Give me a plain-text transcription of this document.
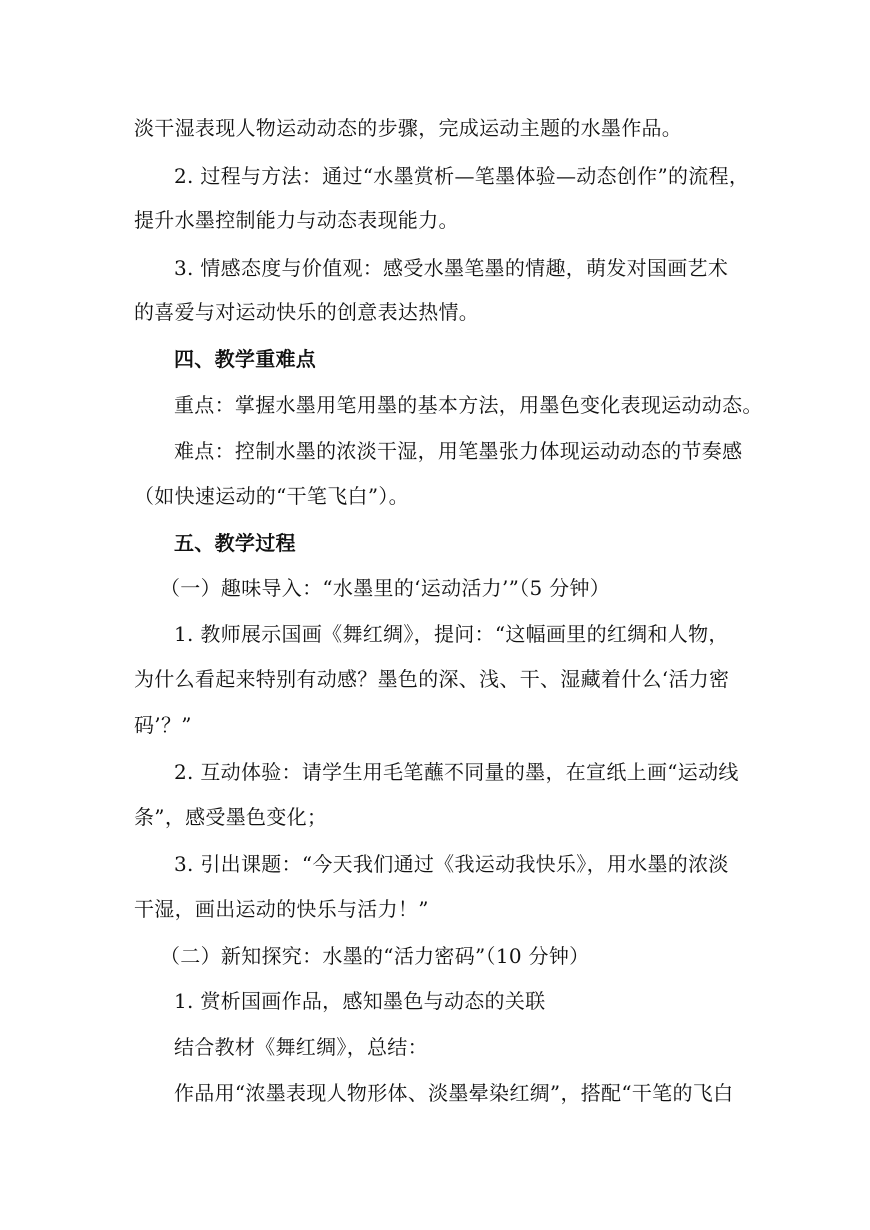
淡干湿表现人物运动动态的步骤，完成运动主题的水墨作品。
2. 过程与方法：通过“水墨赏析—笔墨体验—动态创作”的流程，
提升水墨控制能力与动态表现能力。
3. 情感态度与价值观：感受水墨笔墨的情趣，萌发对国画艺术
的喜爱与对运动快乐的创意表达热情。
四、教学重难点
重点：掌握水墨用笔用墨的基本方法，用墨色变化表现运动动态。
难点：控制水墨的浓淡干湿，用笔墨张力体现运动动态的节奏感
（如快速运动的“干笔飞白”）。
五、教学过程
（一）趣味导入：“水墨里的‘运动活力’”（5 分钟）
1. 教师展示国画《舞红绸》，提问：“这幅画里的红绸和人物，
为什么看起来特别有动感？墨色的深、浅、干、湿藏着什么‘活力密
码’？”
2. 互动体验：请学生用毛笔蘸不同量的墨，在宣纸上画“运动线
条”，感受墨色变化；
3. 引出课题：“今天我们通过《我运动我快乐》，用水墨的浓淡
干湿，画出运动的快乐与活力！”
（二）新知探究：水墨的“活力密码”（10 分钟）
1. 赏析国画作品，感知墨色与动态的关联
结合教材《舞红绸》，总结：
作品用“浓墨表现人物形体、淡墨晕染红绸”，搭配“干笔的飞白
